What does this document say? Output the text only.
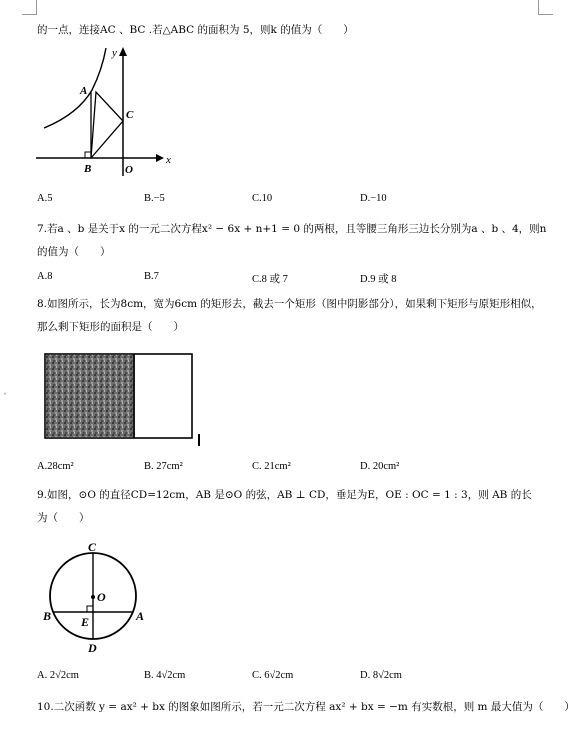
˅
的一点，连接AC 、BC .若△ABC 的面积为 5，则k 的值为（　　）
y
x
A
B
C
O
A.5	B.−5	C.10	D.−10
7.若a 、b 是关于x 的一元二次方程x² − 6x + n+1 = 0 的两根，且等腰三角形三边长分别为a 、b 、4，则n
的值为（　　）
A.8	B.7	C.8 或 7	D.9 或 8
8.如图所示，长为8cm，宽为6cm 的矩形去，截去一个矩形（图中阴影部分），如果剩下矩形与原矩形相似，
那么剩下矩形的面积是（　　）
A.28cm²	B. 27cm²	C. 21cm²	D. 20cm²
9.如图，⊙O 的直径CD=12cm，AB 是⊙O 的弦，AB ⊥ CD，垂足为E，OE : OC = 1 : 3，则 AB 的长
为（　　）
C
O
B	A
E
D
A. 2√2cm	B. 4√2cm	C. 6√2cm	D. 8√2cm
10.二次函数 y = ax² + bx 的图象如图所示，若一元二次方程 ax² + bx = −m 有实数根，则 m 最大值为（　　）
